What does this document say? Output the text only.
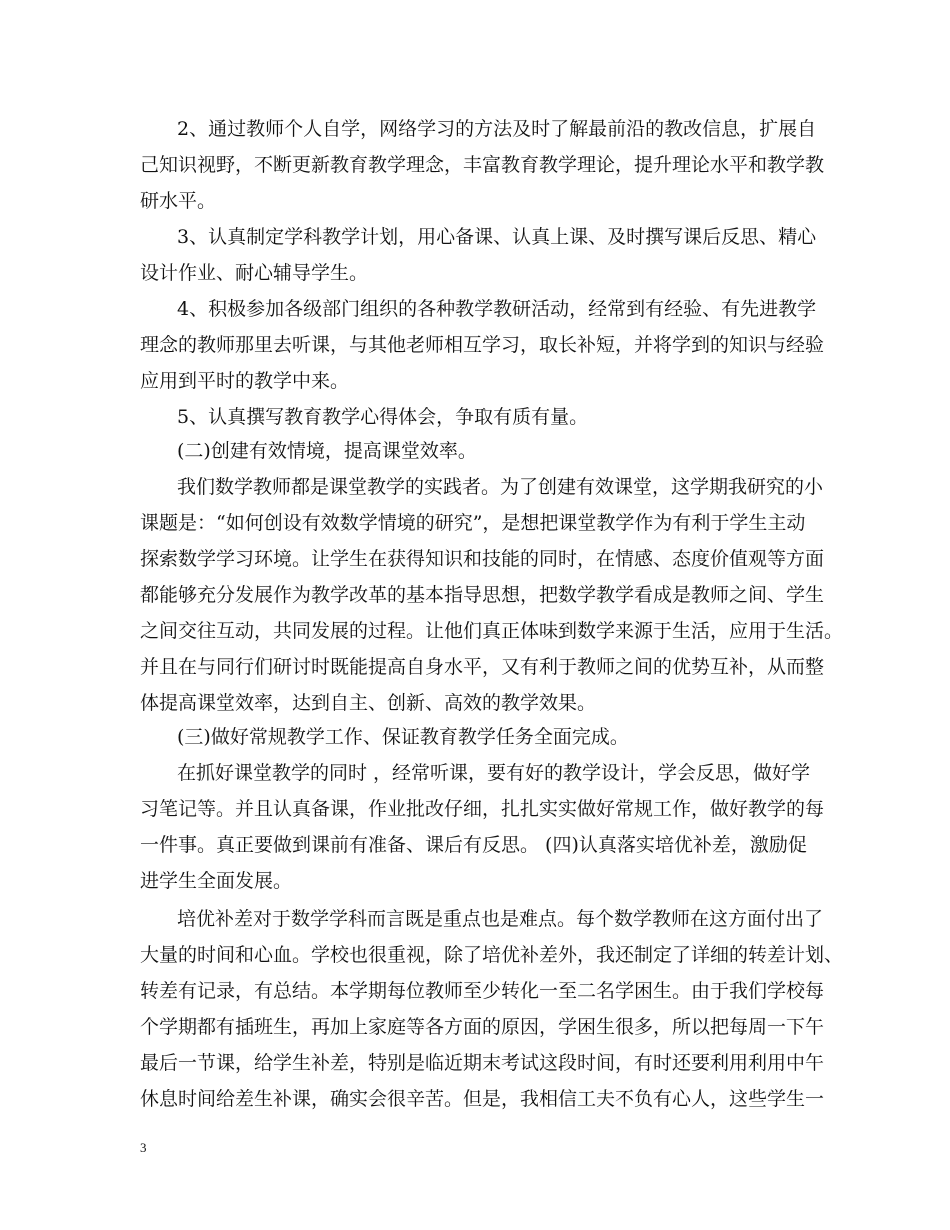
2、通过教师个人自学，网络学习的方法及时了解最前沿的教改信息，扩展自
己知识视野，不断更新教育教学理念，丰富教育教学理论，提升理论水平和教学教
研水平。
3、认真制定学科教学计划，用心备课、认真上课、及时撰写课后反思、精心
设计作业、耐心辅导学生。
4、积极参加各级部门组织的各种教学教研活动，经常到有经验、有先进教学
理念的教师那里去听课，与其他老师相互学习，取长补短，并将学到的知识与经验
应用到平时的教学中来。
5、认真撰写教育教学心得体会，争取有质有量。
(二)创建有效情境，提高课堂效率。
我们数学教师都是课堂教学的实践者。为了创建有效课堂，这学期我研究的小
课题是：“如何创设有效数学情境的研究”，是想把课堂教学作为有利于学生主动
探索数学学习环境。让学生在获得知识和技能的同时，在情感、态度价值观等方面
都能够充分发展作为教学改革的基本指导思想，把数学教学看成是教师之间、学生
之间交往互动，共同发展的过程。让他们真正体味到数学来源于生活，应用于生活。
并且在与同行们研讨时既能提高自身水平，又有利于教师之间的优势互补，从而整
体提高课堂效率，达到自主、创新、高效的教学效果。
(三)做好常规教学工作、保证教育教学任务全面完成。
在抓好课堂教学的同时 ，经常听课，要有好的教学设计，学会反思，做好学
习笔记等。并且认真备课，作业批改仔细，扎扎实实做好常规工作，做好教学的每
一件事。真正要做到课前有准备、课后有反思。 (四)认真落实培优补差，激励促
进学生全面发展。
培优补差对于数学学科而言既是重点也是难点。每个数学教师在这方面付出了
大量的时间和心血。学校也很重视，除了培优补差外，我还制定了详细的转差计划、
转差有记录，有总结。本学期每位教师至少转化一至二名学困生。由于我们学校每
个学期都有插班生，再加上家庭等各方面的原因，学困生很多，所以把每周一下午
最后一节课，给学生补差，特别是临近期末考试这段时间，有时还要利用利用中午
休息时间给差生补课，确实会很辛苦。但是，我相信工夫不负有心人，这些学生一
3
